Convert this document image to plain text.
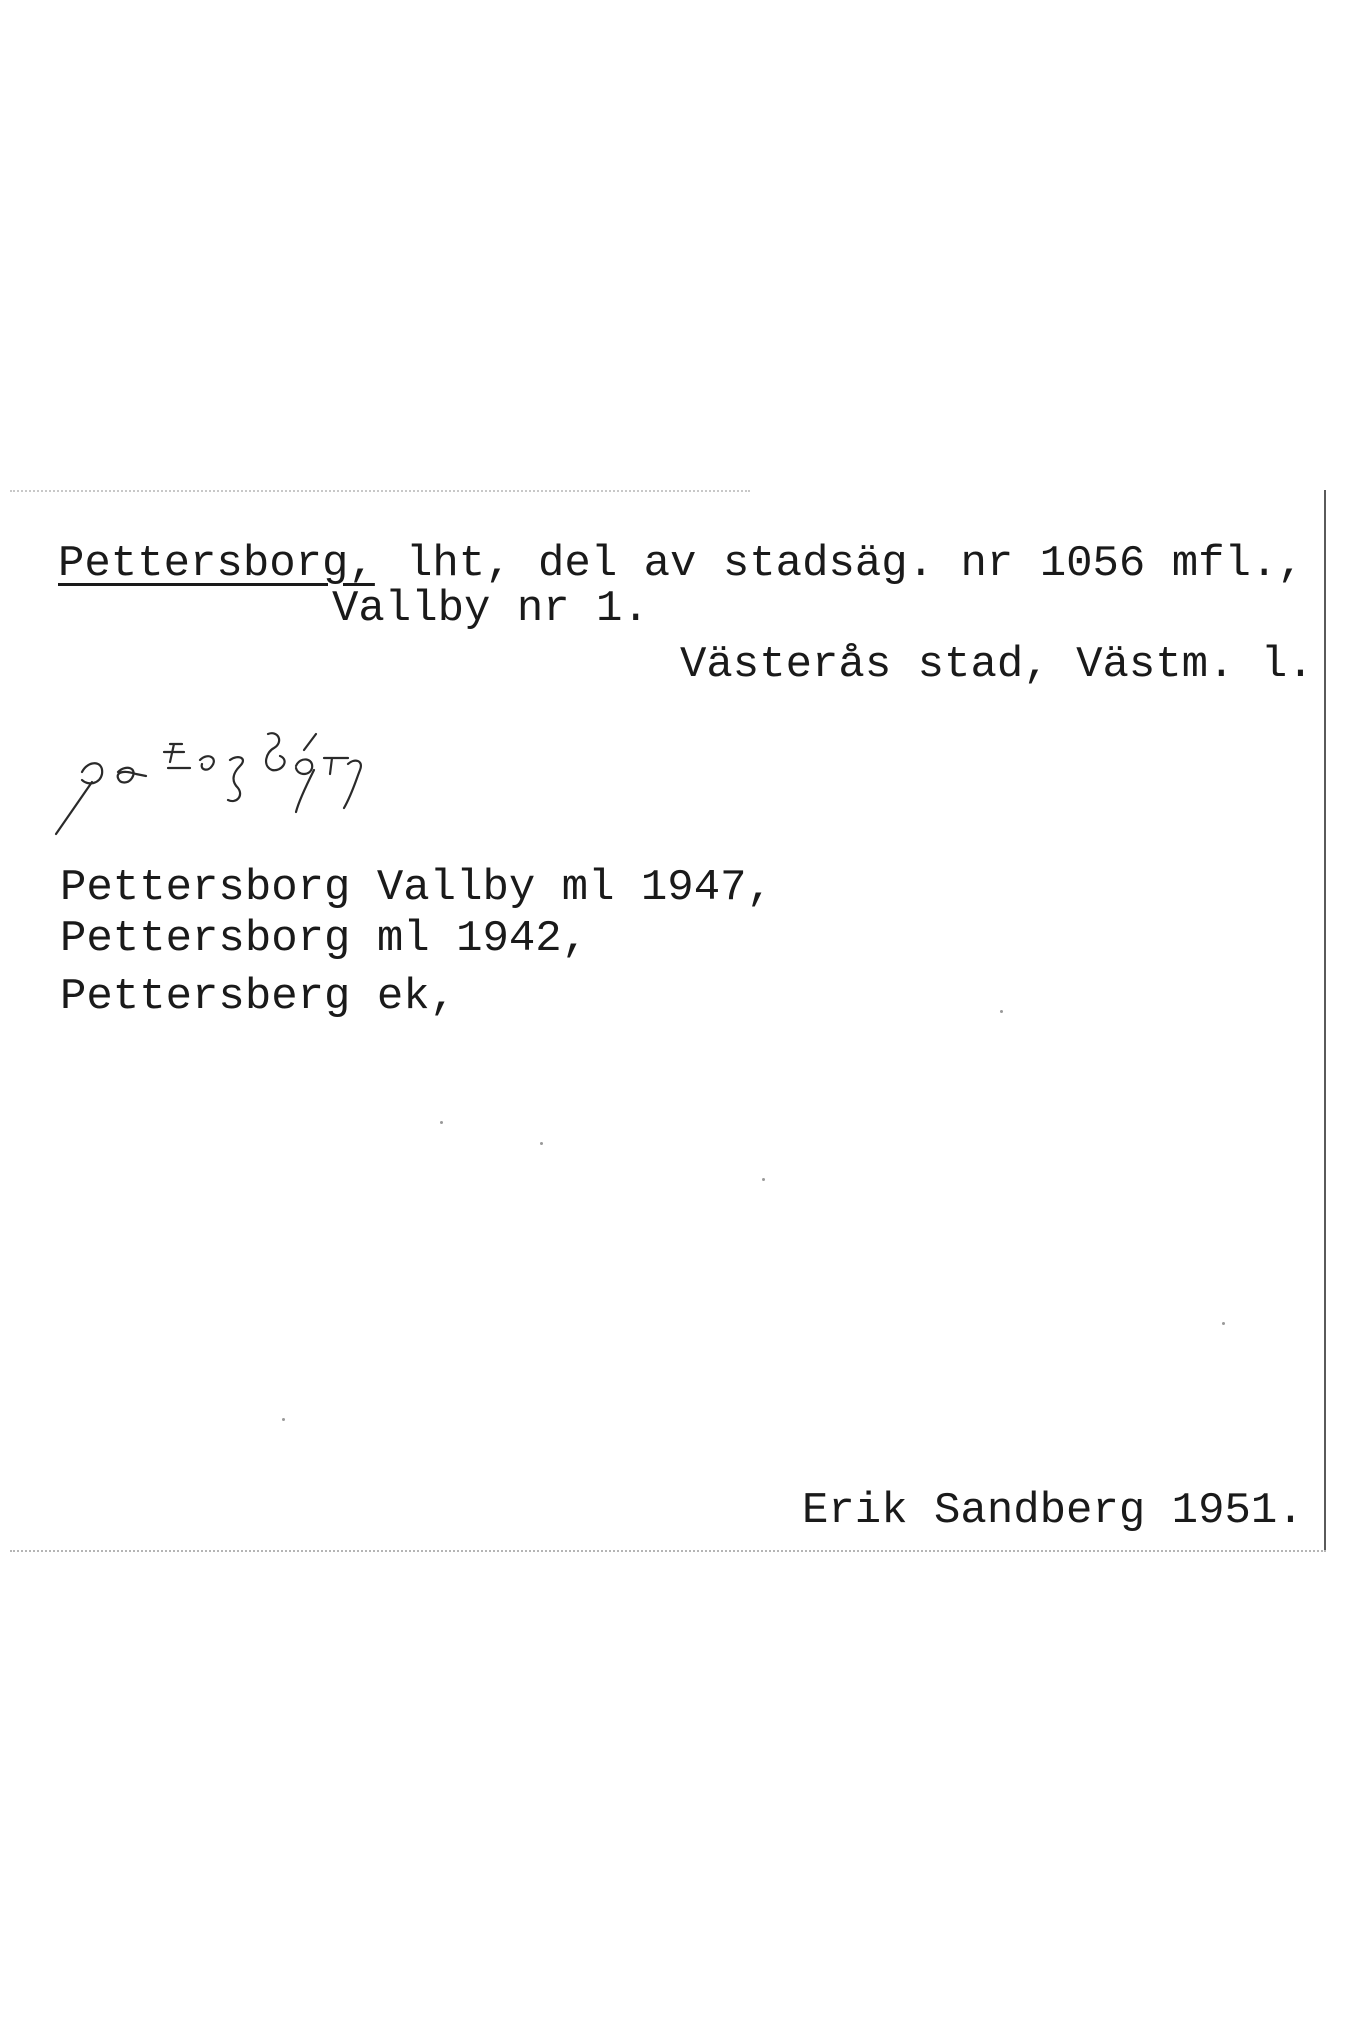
Pettersborg, lht, del av stadsäg. nr 1056 mfl.,
Vallby nr 1.
Västerås stad, Västm. l.
Pettersborg Vallby ml 1947,
Pettersborg ml 1942,
Pettersberg ek,
Erik Sandberg 1951.
